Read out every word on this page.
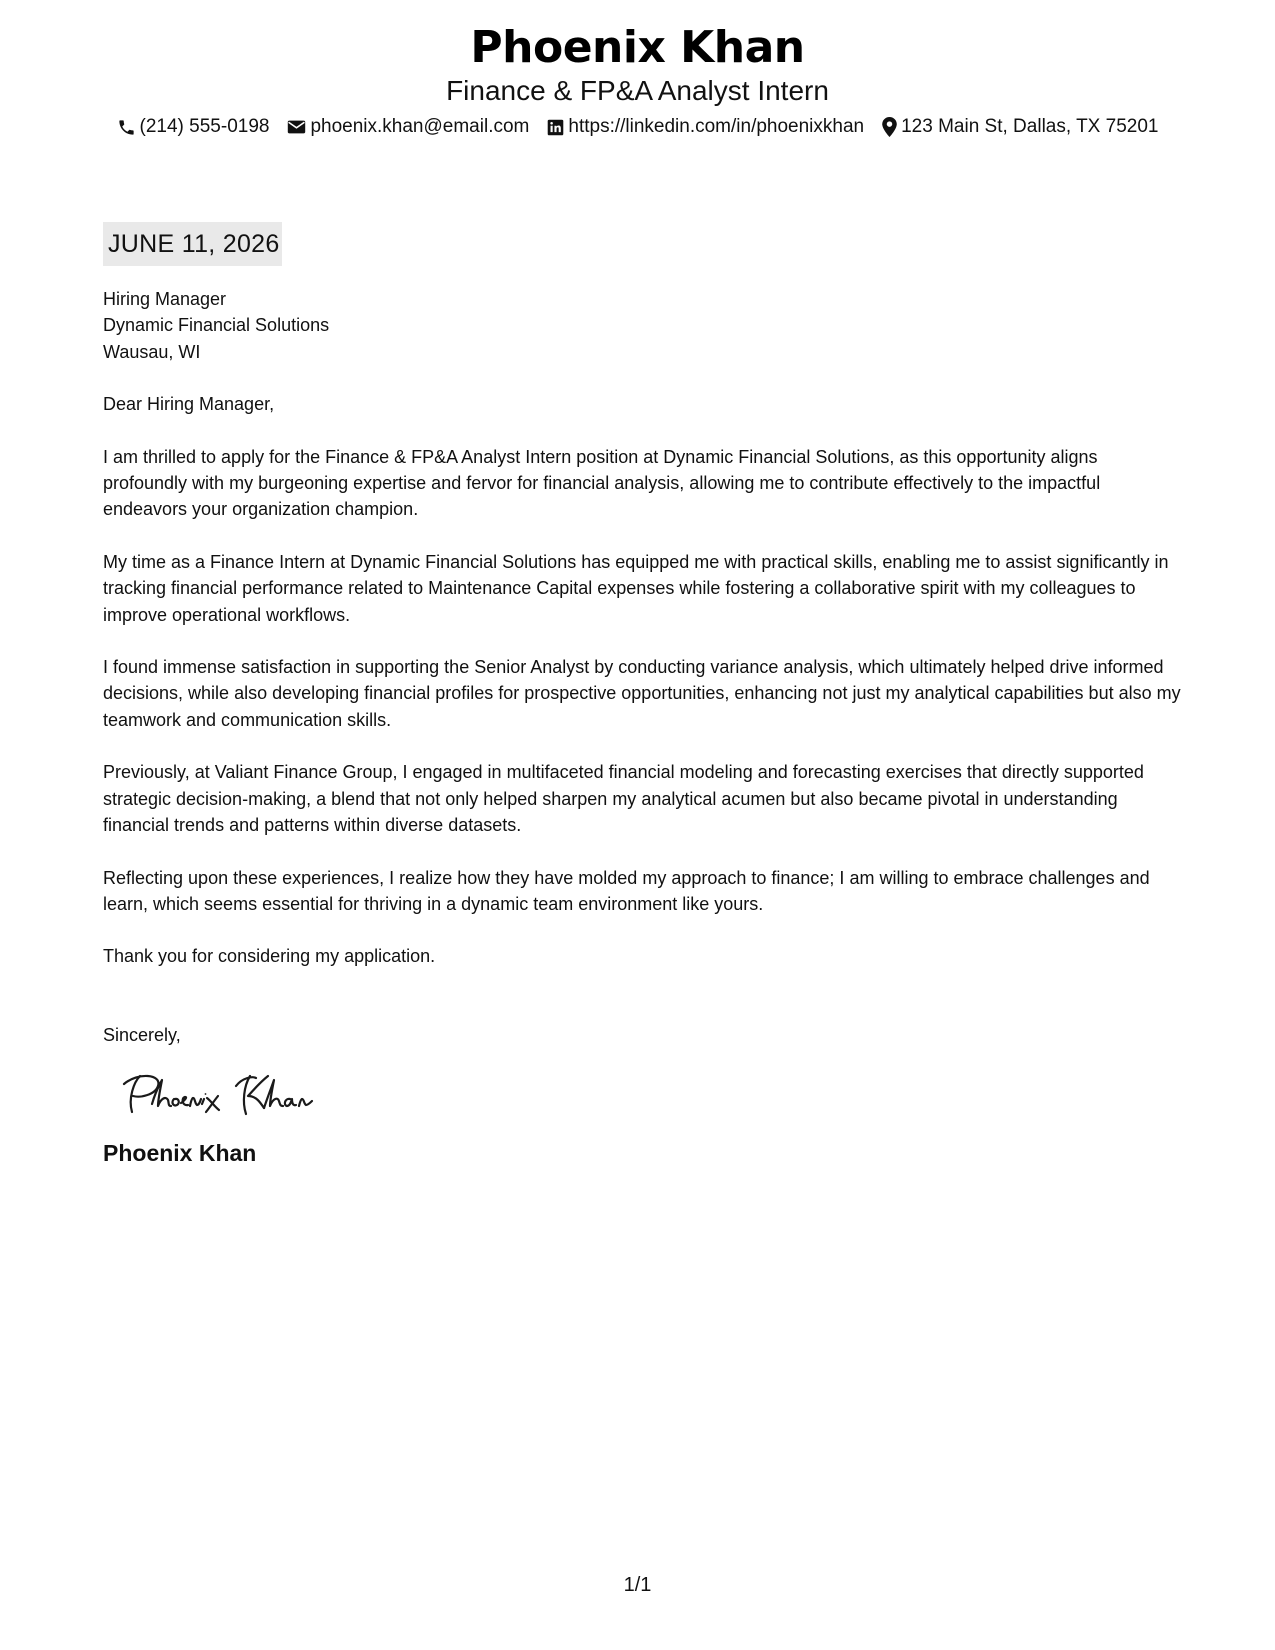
Phoenix Khan
Finance & FP&A Analyst Intern
(214) 555-0198 phoenix.khan@email.com https://linkedin.com/in/phoenixkhan 123 Main St, Dallas, TX 75201
JUNE 11, 2026
Hiring Manager
Dynamic Financial Solutions
Wausau, WI
Dear Hiring Manager,
I am thrilled to apply for the Finance & FP&A Analyst Intern position at Dynamic Financial Solutions, as this opportunity aligns profoundly with my burgeoning expertise and fervor for financial analysis, allowing me to contribute effectively to the impactful endeavors your organization champion.
My time as a Finance Intern at Dynamic Financial Solutions has equipped me with practical skills, enabling me to assist significantly in tracking financial performance related to Maintenance Capital expenses while fostering a collaborative spirit with my colleagues to improve operational workflows.
I found immense satisfaction in supporting the Senior Analyst by conducting variance analysis, which ultimately helped drive informed decisions, while also developing financial profiles for prospective opportunities, enhancing not just my analytical capabilities but also my teamwork and communication skills.
Previously, at Valiant Finance Group, I engaged in multifaceted financial modeling and forecasting exercises that directly supported strategic decision-making, a blend that not only helped sharpen my analytical acumen but also became pivotal in understanding financial trends and patterns within diverse datasets.
Reflecting upon these experiences, I realize how they have molded my approach to finance; I am willing to embrace challenges and learn, which seems essential for thriving in a dynamic team environment like yours.
Thank you for considering my application.
Sincerely,
Phoenix Khan
1/1
